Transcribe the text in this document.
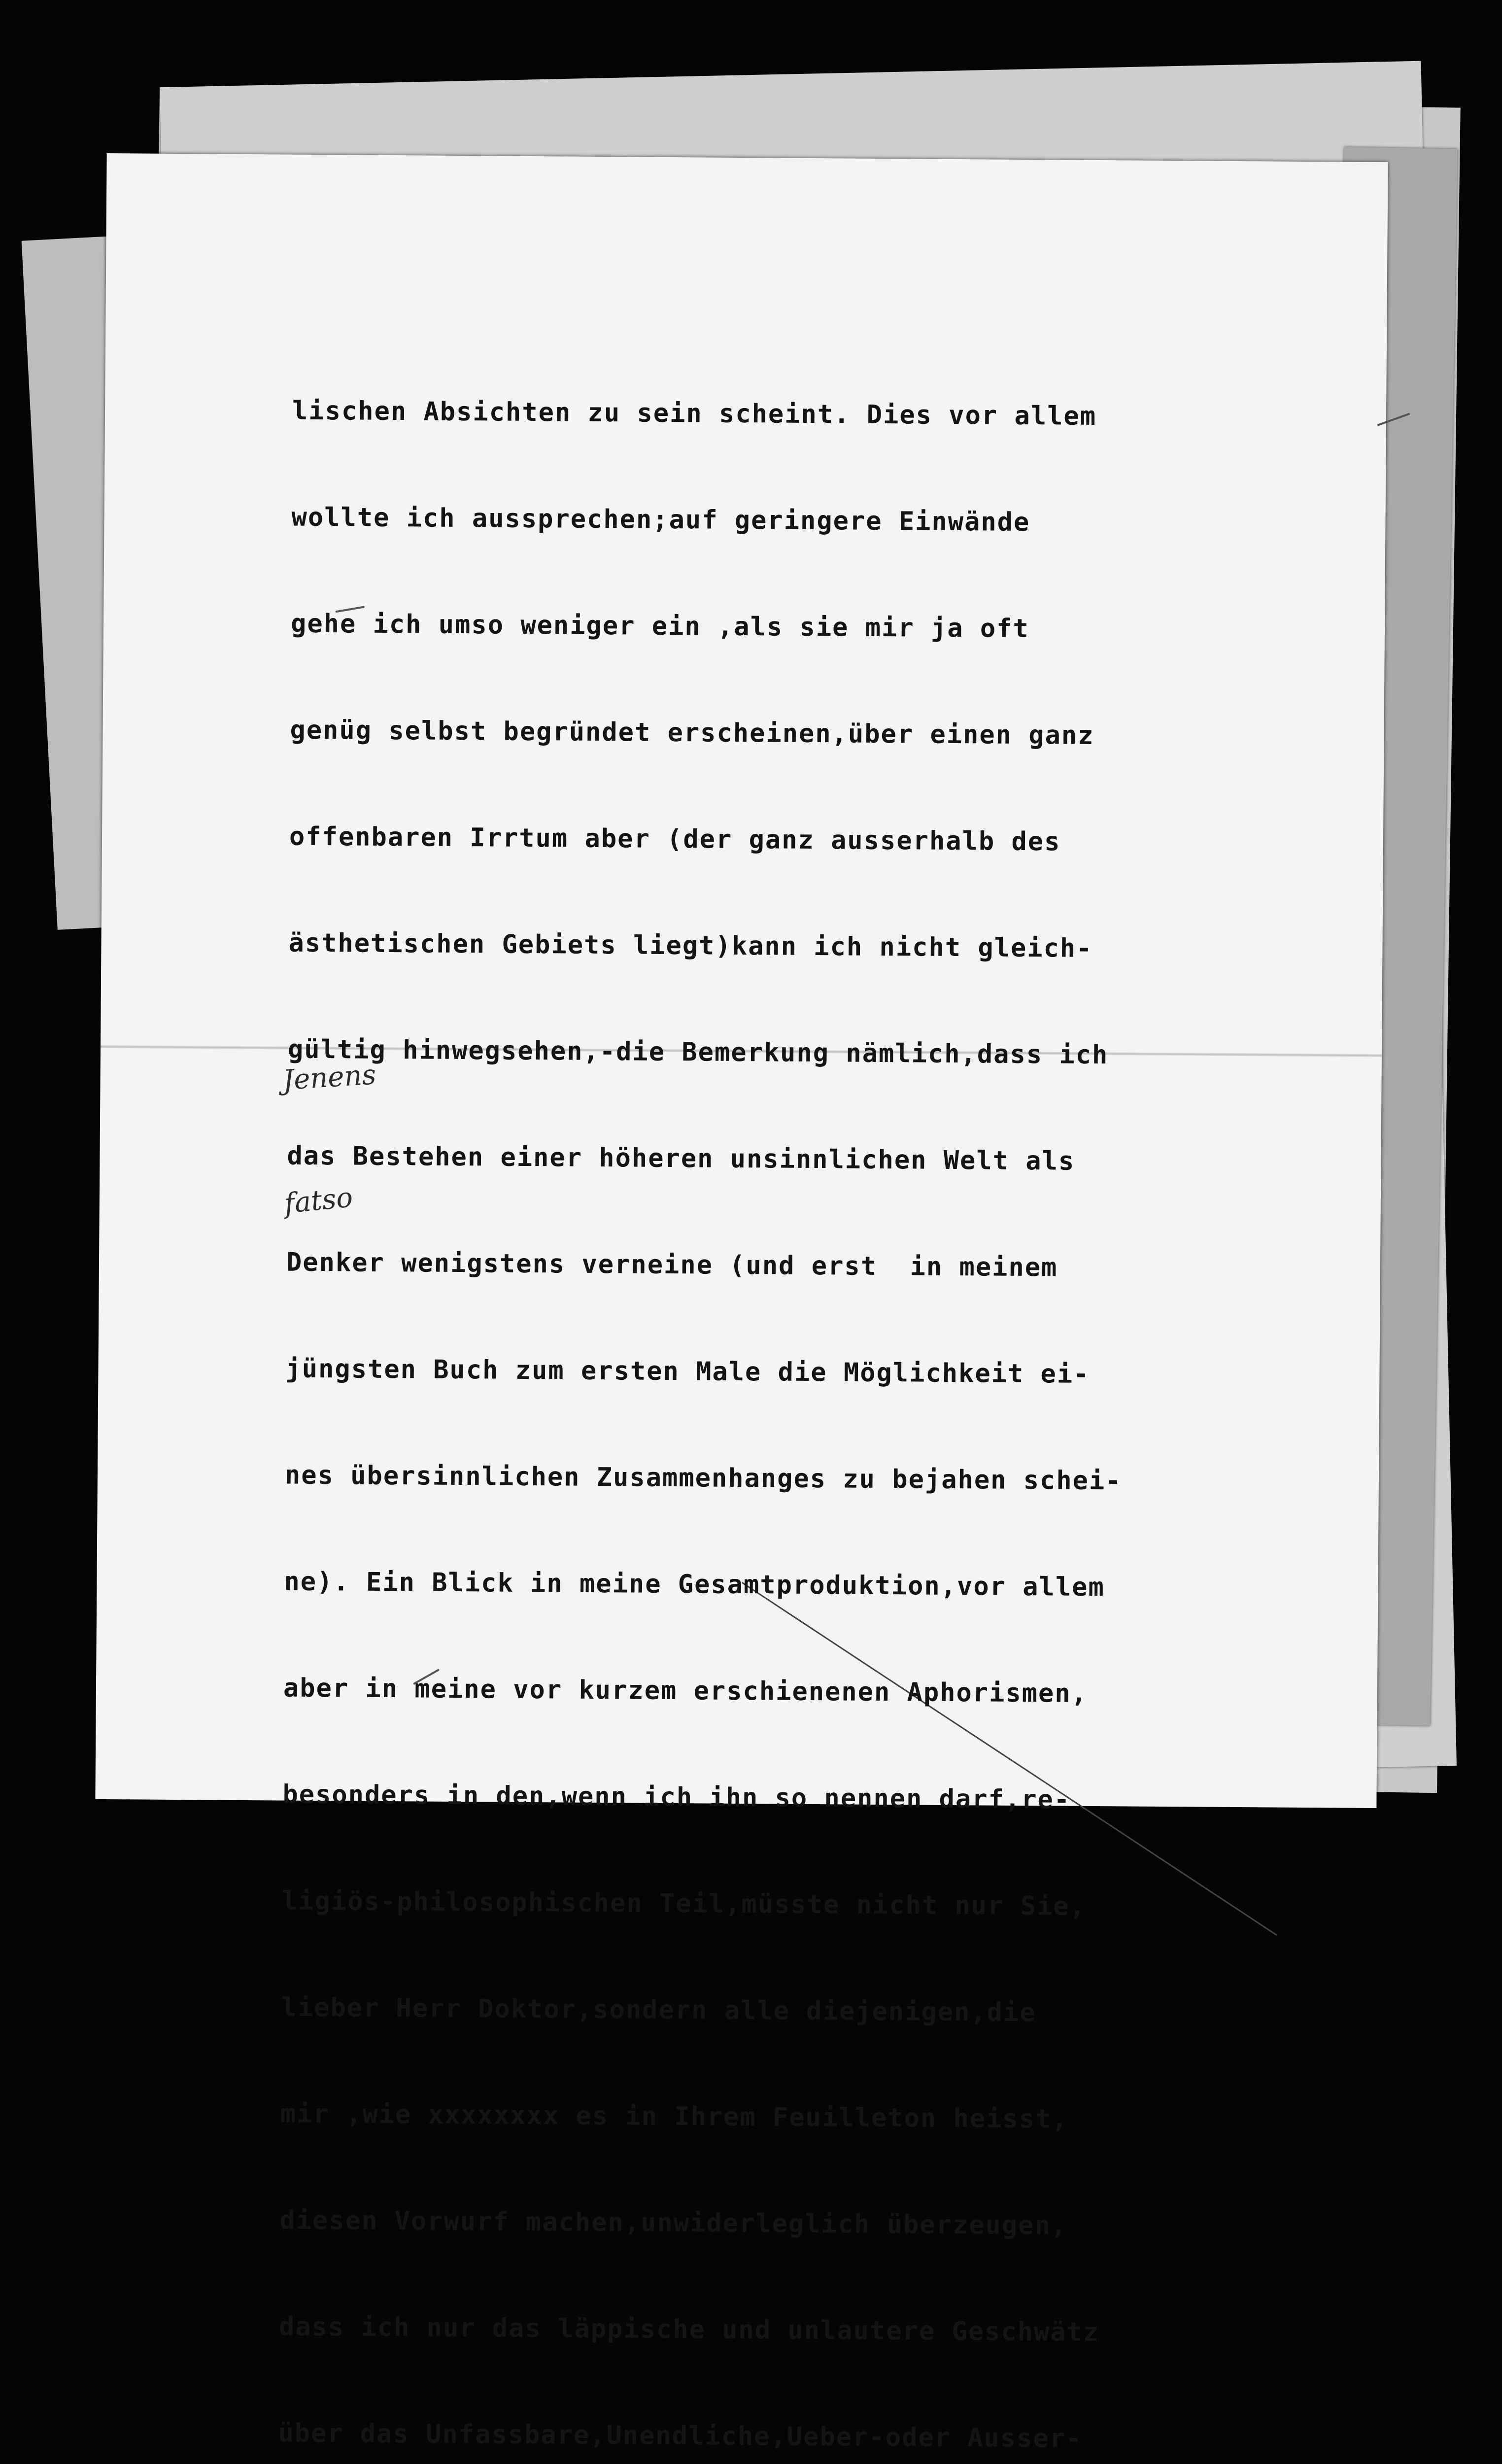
Jenens
fatso

lischen Absichten zu sein scheint. Dies vor allem

wollte ich aussprechen;auf geringere Einwände

gehe ich umso weniger ein ,als sie mir ja oft

genüg selbst begründet erscheinen,über einen ganz

offenbaren Irrtum aber (der ganz ausserhalb des

ästhetischen Gebiets liegt)kann ich nicht gleich-

gültig hinwegsehen,-die Bemerkung nämlich,dass ich

das Bestehen einer höheren unsinnlichen Welt als

Denker wenigstens verneine (und erst  in meinem

jüngsten Buch zum ersten Male die Möglichkeit ei-

nes übersinnlichen Zusammenhanges zu bejahen schei-

ne). Ein Blick in meine Gesamtproduktion,vor allem

aber in meine vor kurzem erschienenen Aphorismen,

besonders in den,wenn ich ihn so nennen darf,re-

ligiös-philosophischen Teil,müsste nicht nur Sie,

lieber Herr Doktor,sondern alle diejenigen,die

mir ,wie xxxxxxxx es in Ihrem Feuilleton heisst,

diesen Vorwurf machen,unwiderleglich überzeugen,

dass ich nur das läppische und unlautere Geschwätz

über das Unfassbare,Unendliche,Ueber-oder Ausser-
